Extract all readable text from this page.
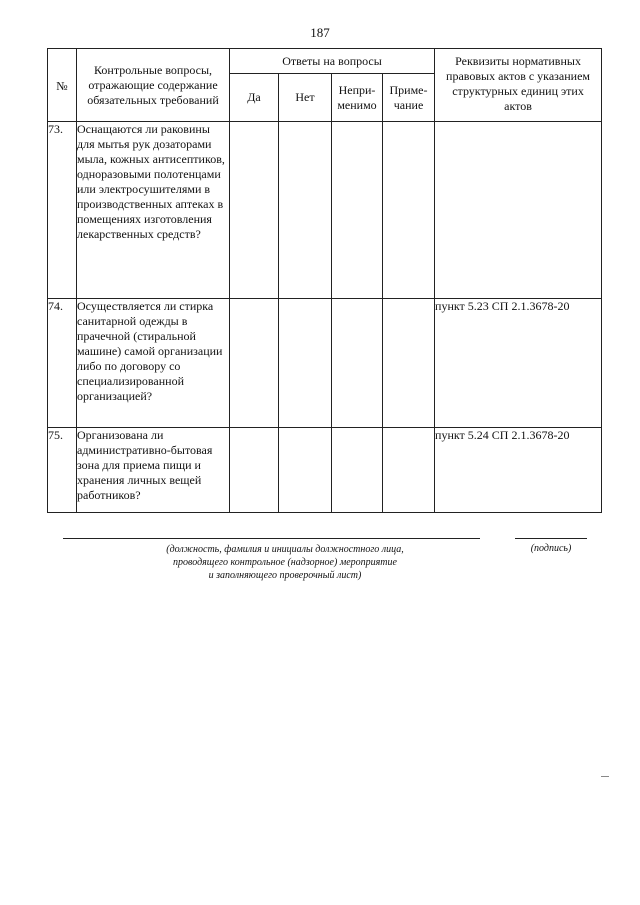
187
№	Контрольные вопросы, отражающие содержание обязательных требований	Ответы на вопросы				Реквизиты нормативных правовых актов с указанием структурных единиц этих актов
		Да	Нет	Непри-менимо	Приме-чание	
73.	Оснащаются ли раковины для мытья рук дозаторами мыла, кожных антисептиков, одноразовыми полотенцами или электросушителями в производственных аптеках в помещениях изготовления лекарственных средств?					
74.	Осуществляется ли стирка санитарной одежды в прачечной (стиральной машине) самой организации либо по договору со специализированной организацией?					пункт 5.23 СП 2.1.3678-20
75.	Организована ли административно-бытовая зона для приема пищи и хранения личных вещей работников?					пункт 5.24 СП 2.1.3678-20
(должность, фамилия и инициалы должностного лица,
проводящего контрольное (надзорное) мероприятие
и заполняющего проверочный лист)
(подпись)
